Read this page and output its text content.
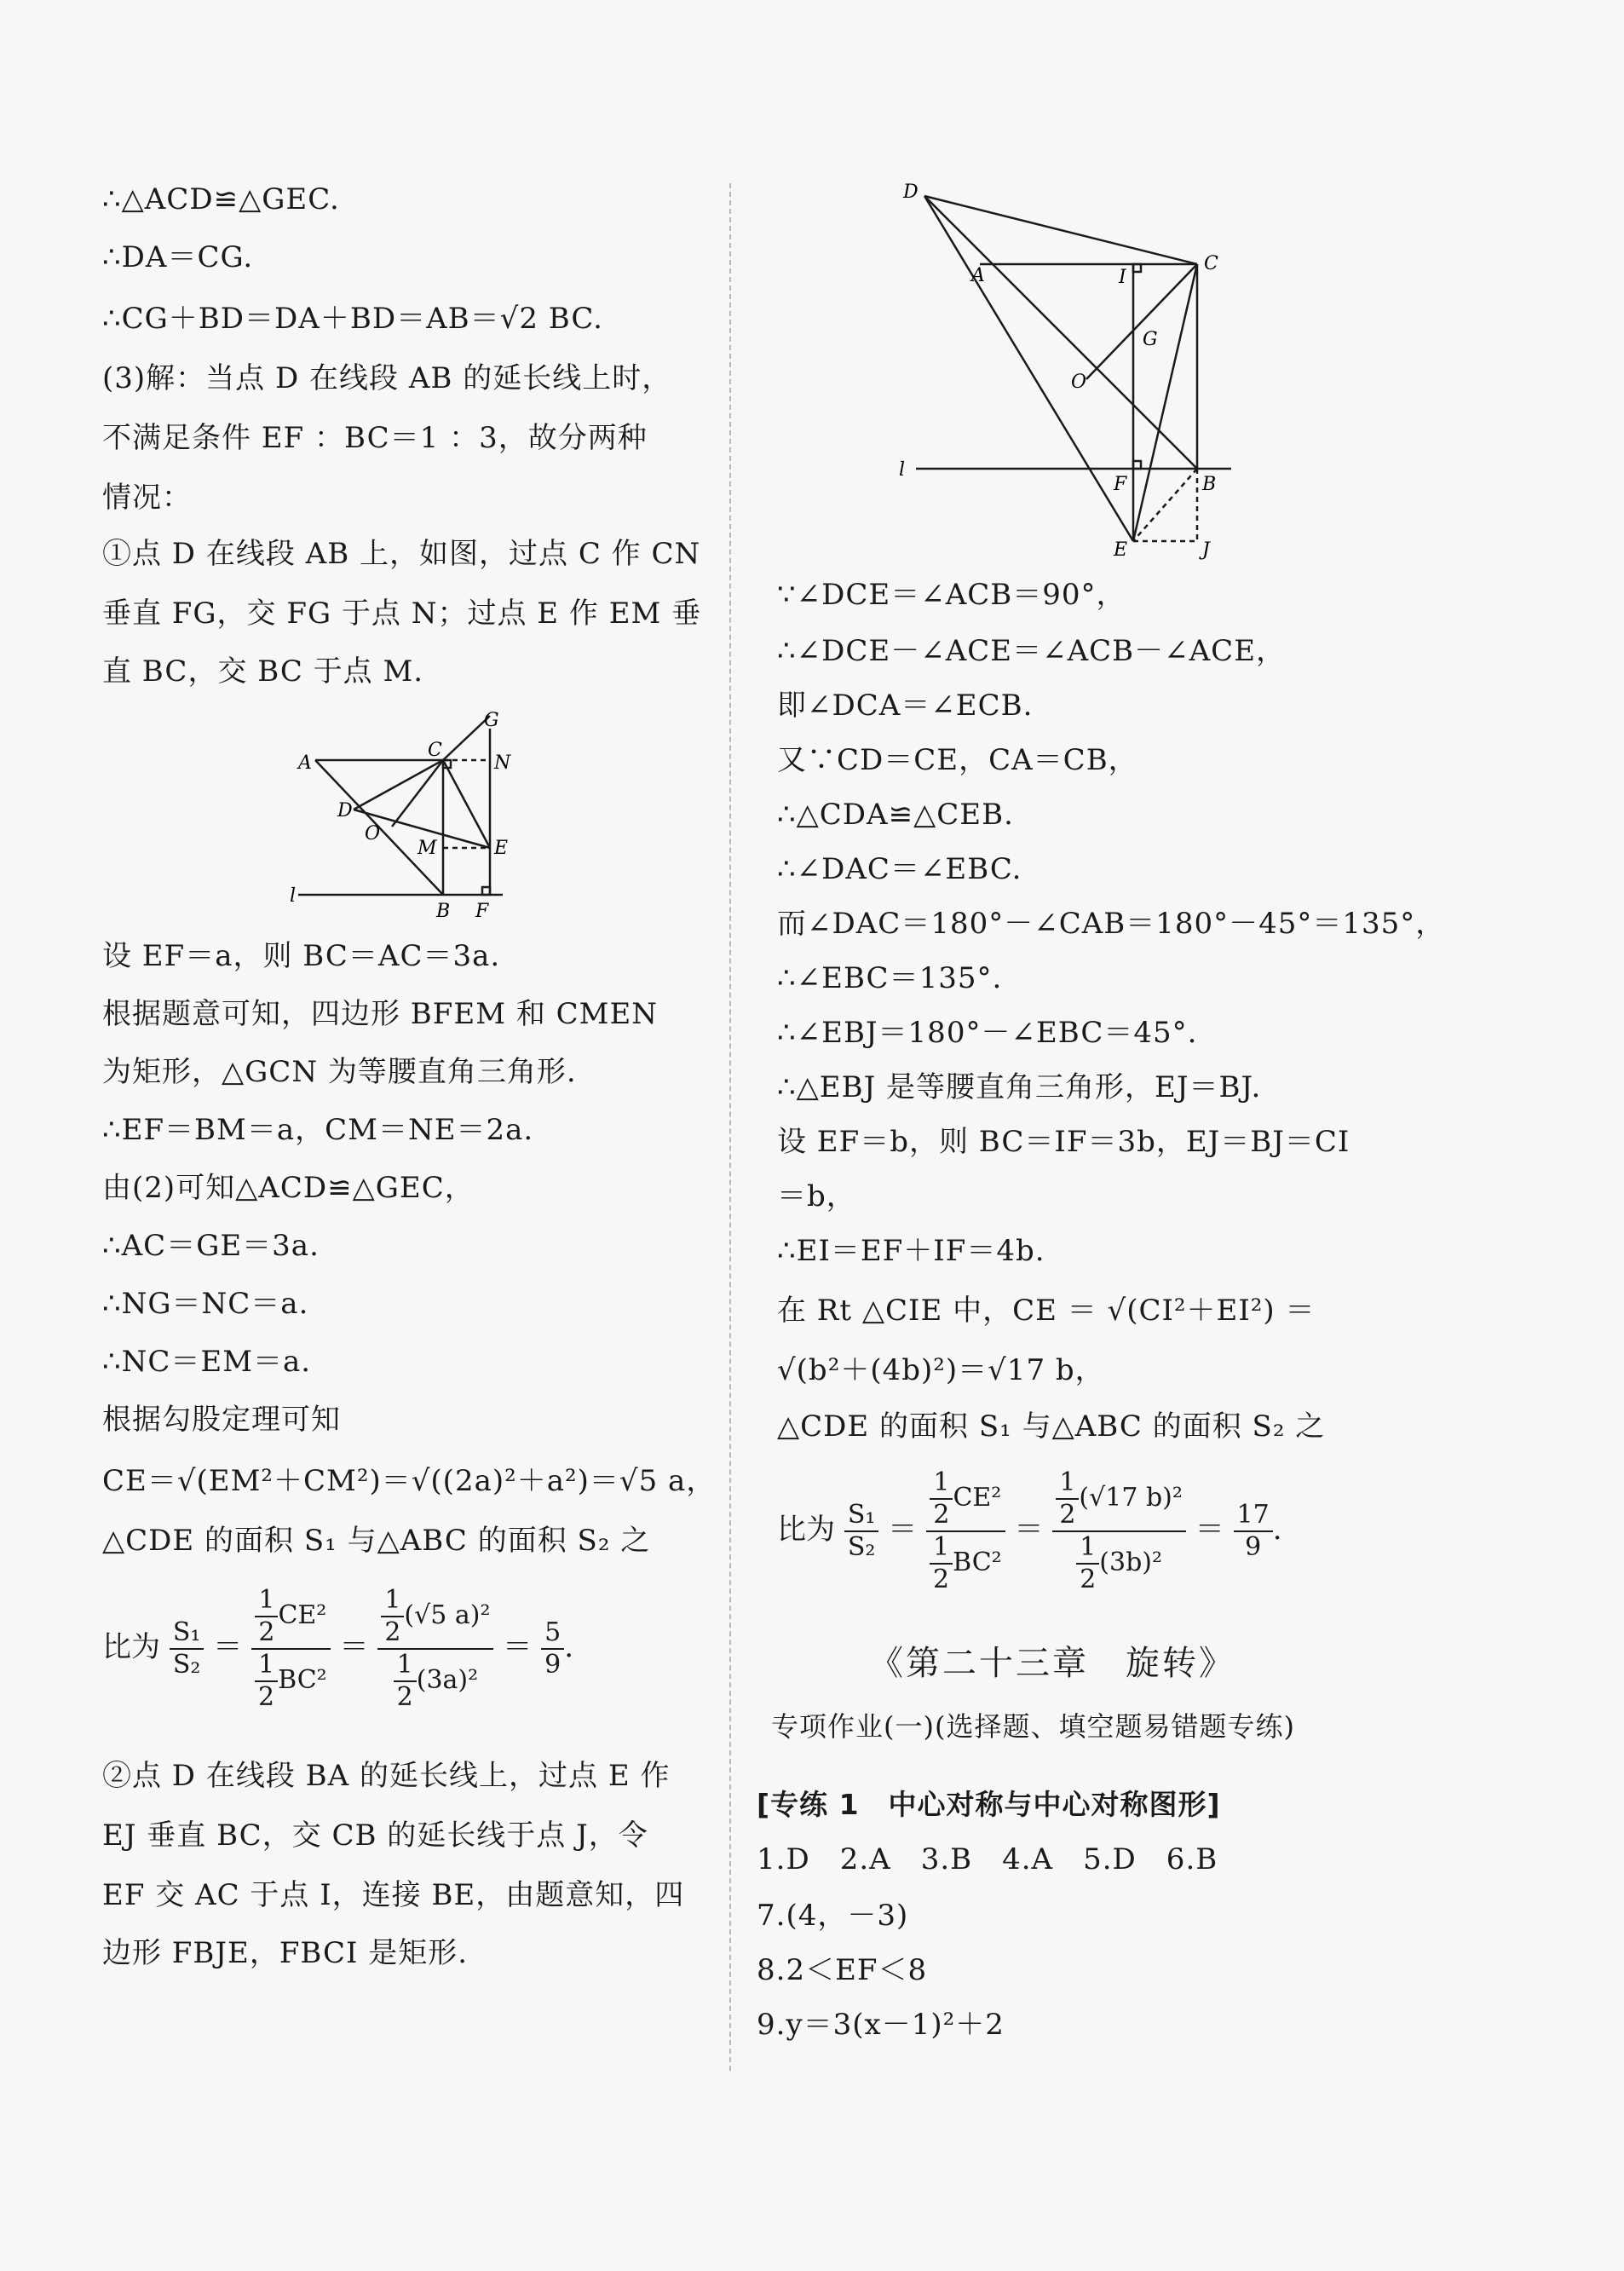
∴△ACD≌△GEC.
∴DA＝CG.
∴CG＋BD＝DA＋BD＝AB＝√2 BC.
(3)解：当点 D 在线段 AB 的延长线上时，
不满足条件 EF ：BC＝1 ：3，故分两种
情况：
①点 D 在线段 AB 上，如图，过点 C 作 CN
垂直 FG，交 FG 于点 N；过点 E 作 EM 垂
直 BC，交 BC 于点 M.
G
A
C
N
D
O
M	E
l
B F
设 EF＝a，则 BC＝AC＝3a.
根据题意可知，四边形 BFEM 和 CMEN
为矩形，△GCN 为等腰直角三角形.
∴EF＝BM＝a，CM＝NE＝2a.
由(2)可知△ACD≌△GEC，
∴AC＝GE＝3a.
∴NG＝NC＝a.
∴NC＝EM＝a.
根据勾股定理可知
CE＝√(EM²＋CM²)＝√((2a)²＋a²)＝√5 a，
△CDE 的面积 S₁ 与△ABC 的面积 S₂ 之
比为 $\frac{\text{S₁}}{\text{S₂}} = \frac{\frac{1}{2} CE^2}{\frac{1}{2} BC^2} = \frac{\frac{1}{2} (√5 a)^2}{\frac{1}{2} (3a)^2} = \frac{5}{9}$ .
②点 D 在线段 BA 的延长线上，过点 E 作
EJ 垂直 BC，交 CB 的延长线于点 J，令
EF 交 AC 于点 I，连接 BE，由题意知，四
边形 FBJE，FBCI 是矩形.
D
C
A	I
G
O
l
F	B
E	J
∵∠DCE＝∠ACB＝90°，
∴∠DCE－∠ACE＝∠ACB－∠ACE，
即∠DCA＝∠ECB.
又∵CD＝CE，CA＝CB，
∴△CDA≌△CEB.
∴∠DAC＝∠EBC.
而∠DAC＝180°－∠CAB＝180°－45°＝135°，
∴∠EBC＝135°.
∴∠EBJ＝180°－∠EBC＝45°.
∴△EBJ 是等腰直角三角形，EJ＝BJ.
设 EF＝b，则 BC＝IF＝3b，EJ＝BJ＝CI
＝b，
∴EI＝EF＋IF＝4b.
在 Rt △CIE 中，CE ＝ √(CI²＋EI²) ＝
√(b²＋(4b)²)＝√17 b，
△CDE 的面积 S₁ 与△ABC 的面积 S₂ 之
比为 $\frac{\text{S₁}}{\text{S₂}} = \frac{\frac{1}{2} CE^2}{\frac{1}{2} BC^2} = \frac{\frac{1}{2} (√17 b)^2}{\frac{1}{2} (3b)^2} = \frac{17}{9}$ .
《第二十三章　旋转》
专项作业(一)(选择题、填空题易错题专练)
[专练 1　中心对称与中心对称图形]
1.D　2.A　3.B　4.A　5.D　6.B
7.(4，－3)
8.2＜EF＜8
9.y＝3(x－1)²＋2
